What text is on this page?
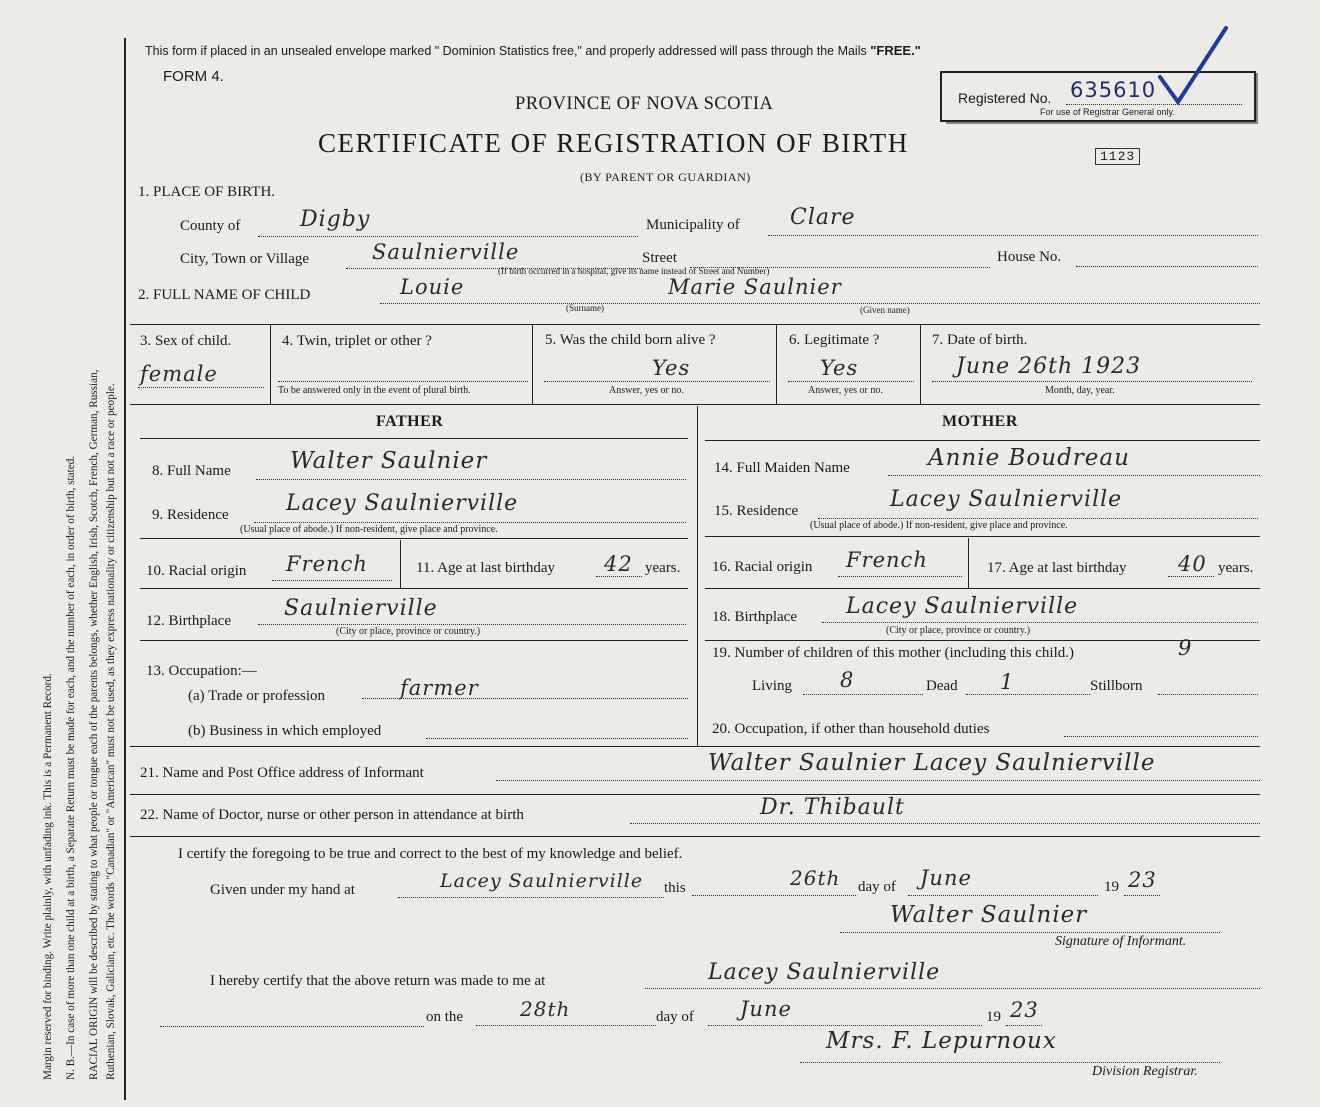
Margin reserved for binding. Write plainly, with unfading ink. This is a Permanent Record. N. B.—In case of more than one child at a birth, a Separate Return must be made for each, and the number of each, in order of birth, stated. RACIAL ORIGIN will be described by stating to what people or tongue each of the parents belongs, whether English, Irish, Scotch, French, German, Russian, Ruthenian, Slovak, Galician, etc. The words "Canadian" or "American" must not be used, as they express nationality or citizenship but not a race or people.
This form if placed in an unsealed envelope marked " Dominion Statistics free," and properly addressed will pass through the Mails "FREE."
FORM 4.
PROVINCE OF NOVA SCOTIA
CERTIFICATE OF REGISTRATION OF BIRTH
(BY PARENT OR GUARDIAN)
Registered No. 635610
For use of Registrar General only.
1123
1. PLACE OF BIRTH.
County of	Digby	Municipality of Clare
City, Town or Village	Saulnierville	Street
(If birth occurred in a hospital, give its name instead of Street and Number)
House No.
2. FULL NAME OF CHILD	Louie	Marie Saulnier
(Surname)	(Given name)
3. Sex of child.
female
4. Twin, triplet or other ?
To be answered only in the event of plural birth.
5. Was the child born alive ?
Yes
Answer, yes or no.
6. Legitimate ?
Yes
Answer, yes or no.
7. Date of birth.
June 26th 1923
Month, day, year.
FATHER	MOTHER
8. Full Name	Walter Saulnier
9. Residence	Lacey Saulnierville
(Usual place of abode.) If non-resident, give place and province.
10. Racial origin French	11. Age at last birthday 42 years.
12. Birthplace Saulnierville
(City or place, province or country.)
13. Occupation:—
(a) Trade or profession	farmer
(b) Business in which employed
14. Full Maiden Name	Annie Boudreau
15. Residence	Lacey Saulnierville
(Usual place of abode.) If non-resident, give place and province.
16. Racial origin French	17. Age at last birthday 40 years.
18. Birthplace Lacey Saulnierville
(City or place, province or country.)
19. Number of children of this mother (including this child.)	9
Living 8	Dead 1	Stillborn
20. Occupation, if other than household duties
21. Name and Post Office address of Informant	Walter Saulnier Lacey Saulnierville
22. Name of Doctor, nurse or other person in attendance at birth	Dr. Thibault
I certify the foregoing to be true and correct to the best of my knowledge and belief.
Given under my hand at	Lacey Saulnierville this	26th day of June	19 23
Walter Saulnier
Signature of Informant.
I hereby certify that the above return was made to me at	Lacey Saulnierville
on the	28th	day of June	19 23
Mrs. F. Lepurnoux
Division Registrar.
